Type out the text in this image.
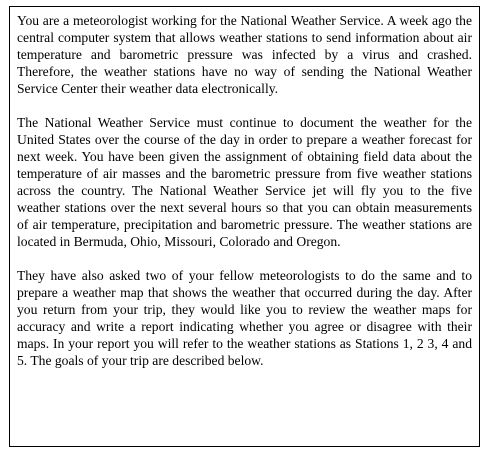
You are a meteorologist working for the National Weather Service. A week ago the central computer system that allows weather stations to send information about air temperature and barometric pressure was infected by a virus and crashed. Therefore, the weather stations have no way of sending the National Weather Service Center their weather data electronically.

The National Weather Service must continue to document the weather for the United States over the course of the day in order to prepare a weather forecast for next week. You have been given the assignment of obtaining field data about the temperature of air masses and the barometric pressure from five weather stations across the country. The National Weather Service jet will fly you to the five weather stations over the next several hours so that you can obtain measurements of air temperature, precipitation and barometric pressure. The weather stations are located in Bermuda, Ohio, Missouri, Colorado and Oregon.

They have also asked two of your fellow meteorologists to do the same and to prepare a weather map that shows the weather that occurred during the day. After you return from your trip, they would like you to review the weather maps for accuracy and write a report indicating whether you agree or disagree with their maps. In your report you will refer to the weather stations as Stations 1, 2 3, 4 and 5. The goals of your trip are described below.
